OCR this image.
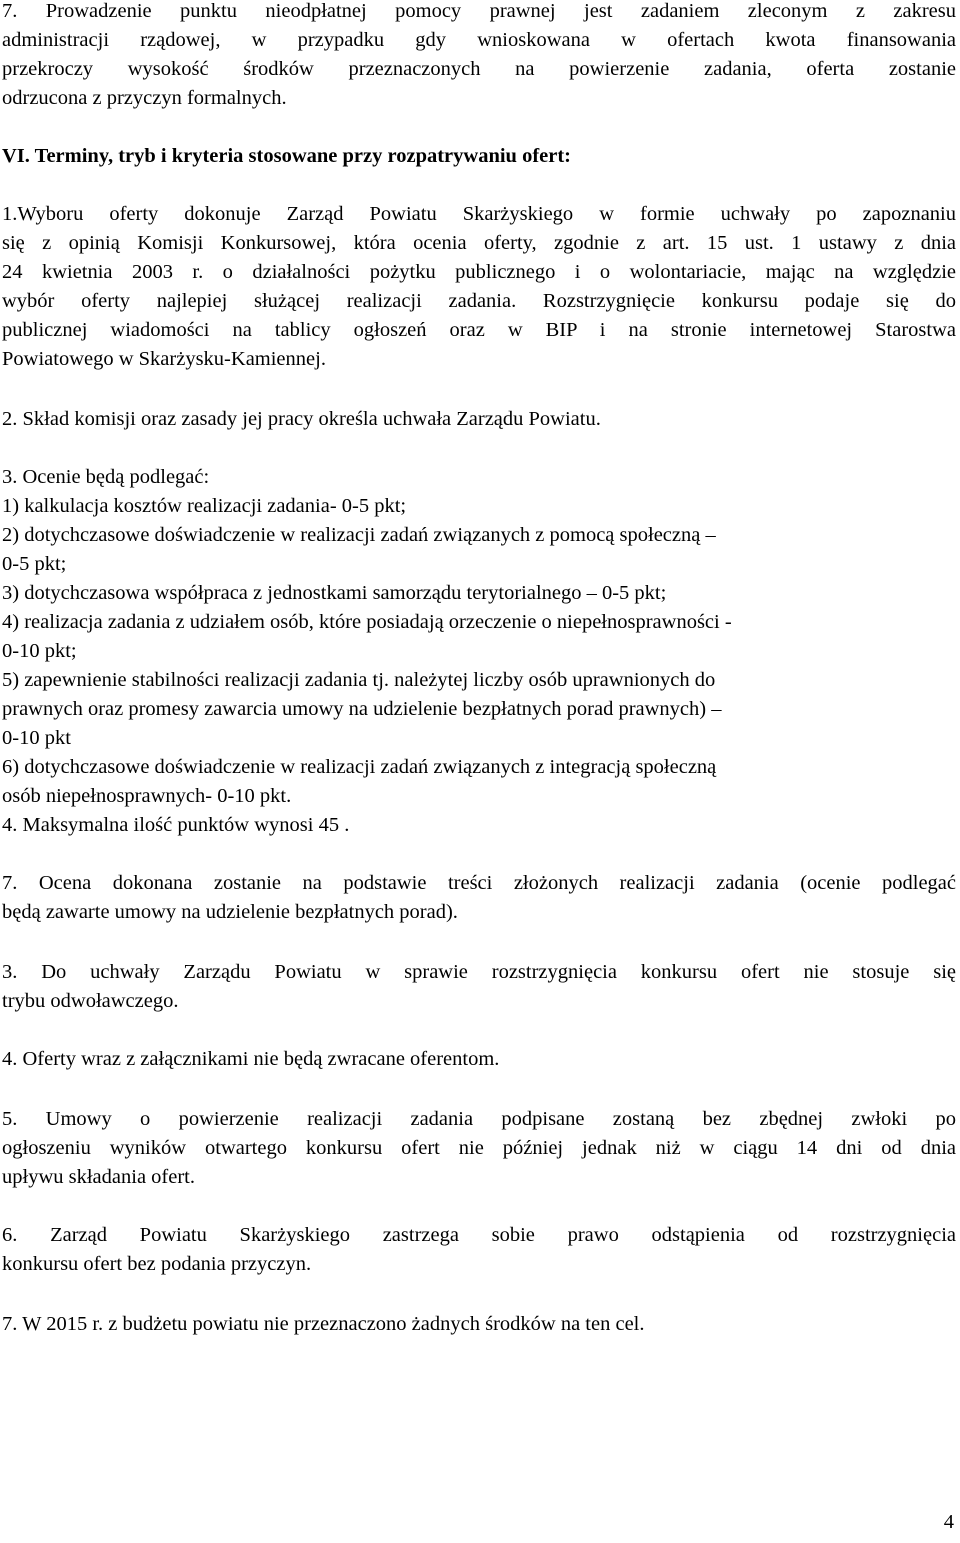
7. Prowadzenie punktu nieodpłatnej pomocy prawnej jest zadaniem zleconym z zakresu
administracji rządowej, w przypadku gdy wnioskowana w ofertach kwota finansowania
przekroczy wysokość środków przeznaczonych na powierzenie zadania, oferta zostanie
odrzucona z przyczyn formalnych.
VI. Terminy, tryb i kryteria stosowane przy rozpatrywaniu ofert:
1.Wyboru oferty dokonuje Zarząd Powiatu Skarżyskiego w formie uchwały po zapoznaniu
się z opinią Komisji Konkursowej, która ocenia oferty, zgodnie z art. 15 ust. 1 ustawy z dnia
24 kwietnia 2003 r. o działalności pożytku publicznego i o wolontariacie, mając na względzie
wybór oferty najlepiej służącej realizacji zadania. Rozstrzygnięcie konkursu podaje się do
publicznej wiadomości na tablicy ogłoszeń oraz w BIP i na stronie internetowej Starostwa
Powiatowego w Skarżysku-Kamiennej.
2. Skład komisji oraz zasady jej pracy określa uchwała Zarządu Powiatu.
3. Ocenie będą podlegać:
1) kalkulacja kosztów realizacji zadania- 0-5 pkt;
2) dotychczasowe doświadczenie w realizacji zadań związanych z pomocą społeczną –
0-5 pkt;
3) dotychczasowa współpraca z jednostkami samorządu terytorialnego – 0-5 pkt;
4) realizacja zadania z udziałem osób, które posiadają orzeczenie o niepełnosprawności -
0-10 pkt;
5) zapewnienie stabilności realizacji zadania tj. należytej liczby osób uprawnionych do
prawnych oraz promesy zawarcia umowy na udzielenie bezpłatnych porad prawnych) –
0-10 pkt
6) dotychczasowe doświadczenie w realizacji zadań związanych z integracją społeczną
osób niepełnosprawnych- 0-10 pkt.
4. Maksymalna ilość punktów wynosi 45 .
7. Ocena dokonana zostanie na podstawie treści złożonych realizacji zadania (ocenie podlegać
będą zawarte umowy na udzielenie bezpłatnych porad).
3. Do uchwały Zarządu Powiatu w sprawie rozstrzygnięcia konkursu ofert nie stosuje się
trybu odwoławczego.
4. Oferty wraz z załącznikami nie będą zwracane oferentom.
5. Umowy o powierzenie realizacji zadania podpisane zostaną bez zbędnej zwłoki po
ogłoszeniu wyników otwartego konkursu ofert nie później jednak niż w ciągu 14 dni od dnia
upływu składania ofert.
6. Zarząd Powiatu Skarżyskiego zastrzega sobie prawo odstąpienia od rozstrzygnięcia
konkursu ofert bez podania przyczyn.
7. W 2015 r. z budżetu powiatu nie przeznaczono żadnych środków na ten cel.
4
